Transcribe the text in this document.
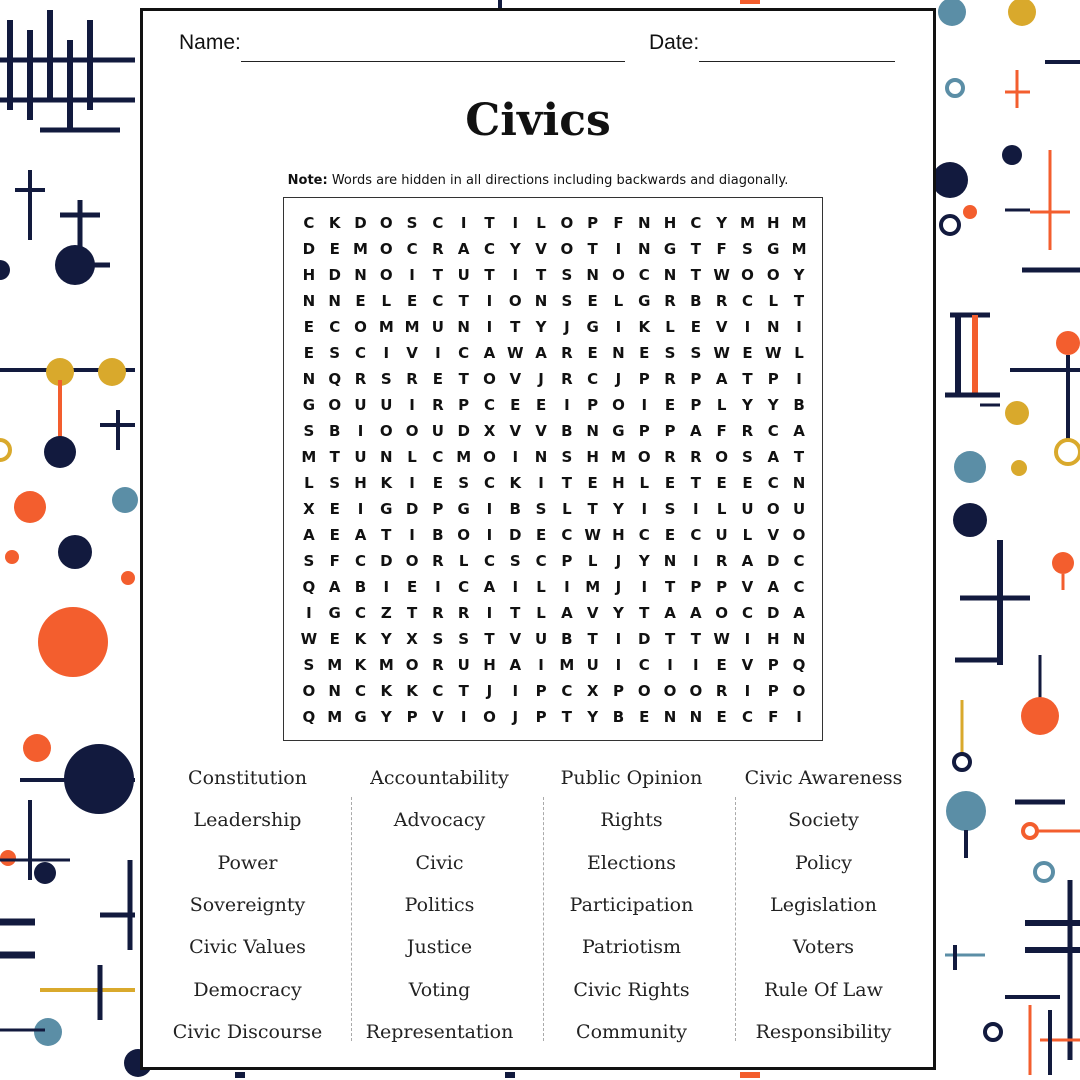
Name:	Date:
Civics
Note: Words are hidden in all directions including backwards and diagonally.
C K D O S C	I	T	I	L O P	F N H C Y M H M
D E M O C R A C Y V O T	I	N G T	F	S G M
H D N O	I	T U T	I	T	S N O C N T W O O Y
N N E	L	E	C	T	I	O N S	E	L G R B R C	L	T
E	C O M M U N	I	T	Y	J	G	I	K	L	E V	I	N	I
E	S C	I	V	I	C A W A R E N E	S S W E W L
N Q R S R E	T O V	J	R C	J	P R P A T	P	I
G O U U	I	R P C	E	E	I	P O	I	E	P	L	Y Y B
S B	I	O O U D X V V B N G P P A F R C A
M T U N L	C M O	I	N S H M O R R O S A T
L	S H K	I	E	S C K	I	T	E H L	E	T	E	E	C N
X E	I	G D P G	I	B S	L	T	Y	I	S	I	L U O U
A E A T	I	B O	I	D E	C W H C	E	C U L	V O
S	F	C D O R	L	C S C P	L	J	Y N	I	R A D C
Q A B	I	E	I	C A	I	L	I	M	J	I	T	P P V A C
I	G C Z	T R R	I	T	L	A V Y	T A A O C D A
W E K Y X S S	T V U B T	I	D T	T W I	H N
S M K M O R U H A	I	M U	I	C	I	I	E V P Q
O N C K K C	T	J	I	P C X P O O O R	I	P O
Q M G Y P V	I	O	J	P	T	Y B E N N E	C	F	I
Constitution
Leadership
Power
Sovereignty
Civic Values
Democracy
Civic Discourse
Accountability
Advocacy
Civic
Politics
Justice
Voting
Representation
Public Opinion
Rights
Elections
Participation
Patriotism
Civic Rights
Community
Civic Awareness
Society
Policy
Legislation
Voters
Rule Of Law
Responsibility
